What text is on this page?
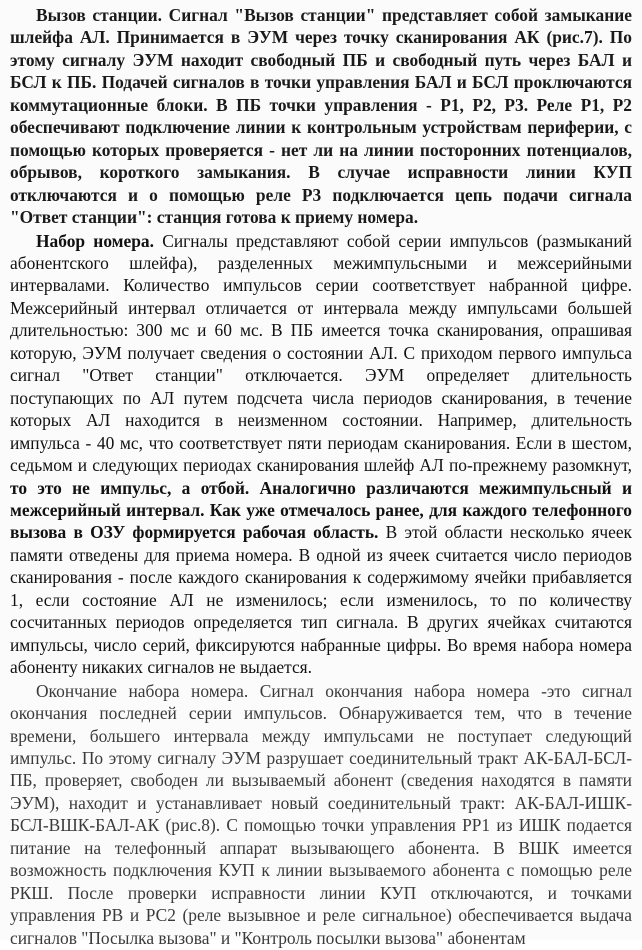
Вызов станции. Сигнал "Вызов станции" представляет собой замыкание шлейфа АЛ. Принимается в ЭУМ через точку сканирования АК (рис.7). По этому сигналу ЭУМ находит свободный ПБ и свободный путь через БАЛ и БСЛ к ПБ. Подачей сигналов в точки управления БАЛ и БСЛ проключаются коммутационные блоки. В ПБ точки управления - Р1, Р2, Р3. Реле Р1, Р2 обеспечивают подключение линии к контрольным устройствам периферии, с помощью которых проверяется - нет ли на линии посторонних потенциалов, обрывов, короткого замыкания. В случае исправности линии КУП отключаются и о помощью реле Р3 подключается цепь подачи сигнала "Ответ станции": станция готова к приему номера.

Набор номера. Сигналы представляют собой серии импульсов (размыканий абонентского шлейфа), разделенных межимпульсными и межсерийными интервалами. Количество импульсов серии соответствует набранной цифре. Межсерийный интервал отличается от интервала между импульсами большей длительностью: 300 мс и 60 мс. В ПБ имеется точка сканирования, опрашивая которую, ЭУМ получает сведения о состоянии АЛ. С приходом первого импульса сигнал "Ответ станции" отключается. ЭУМ определяет длительность поступающих по АЛ путем подсчета числа периодов сканирования, в течение которых АЛ находится в неизменном состоянии. Например, длительность импульса - 40 мс, что соответствует пяти периодам сканирования. Если в шестом, седьмом и следующих периодах сканирования шлейф АЛ по-прежнему разомкнут, то это не импульс, а отбой. Аналогично различаются межимпульсный и межсерийный интервал. Как уже отмечалось ранее, для каждого телефонного вызова в ОЗУ формируется рабочая область. В этой области несколько ячеек памяти отведены для приема номера. В одной из ячеек считается число периодов сканирования - после каждого сканирования к содержимому ячейки прибавляется 1, если состояние АЛ не изменилось; если изменилось, то по количеству сосчитанных периодов определяется тип сигнала. В других ячейках считаются импульсы, число серий, фиксируются набранные цифры. Во время набора номера абоненту никаких сигналов не выдается.

Окончание набора номера. Сигнал окончания набора номера -это сигнал окончания последней серии импульсов. Обнаруживается тем, что в течение времени, большего интервала между импульсами не поступает следующий импульс. По этому сигналу ЭУМ разрушает соединительный тракт АК-БАЛ-БСЛ-ПБ, проверяет, свободен ли вызываемый абонент (сведения находятся в памяти ЭУМ), находит и устанавливает новый соединительный тракт: АК-БАЛ-ИШК-БСЛ-ВШК-БАЛ-АК (рис.8). С помощью точки управления РР1 из ИШК подается питание на телефонный аппарат вызывающего абонента. В ВШК имеется возможность подключения КУП к линии вызываемого абонента с помощью реле РКШ. После проверки исправности линии КУП отключаются, и точками управления РВ и РС2 (реле вызывное и реле сигнальное) обеспечивается выдача сигналов "Посылка вызова" и "Контроль посылки вызова" абонентам
